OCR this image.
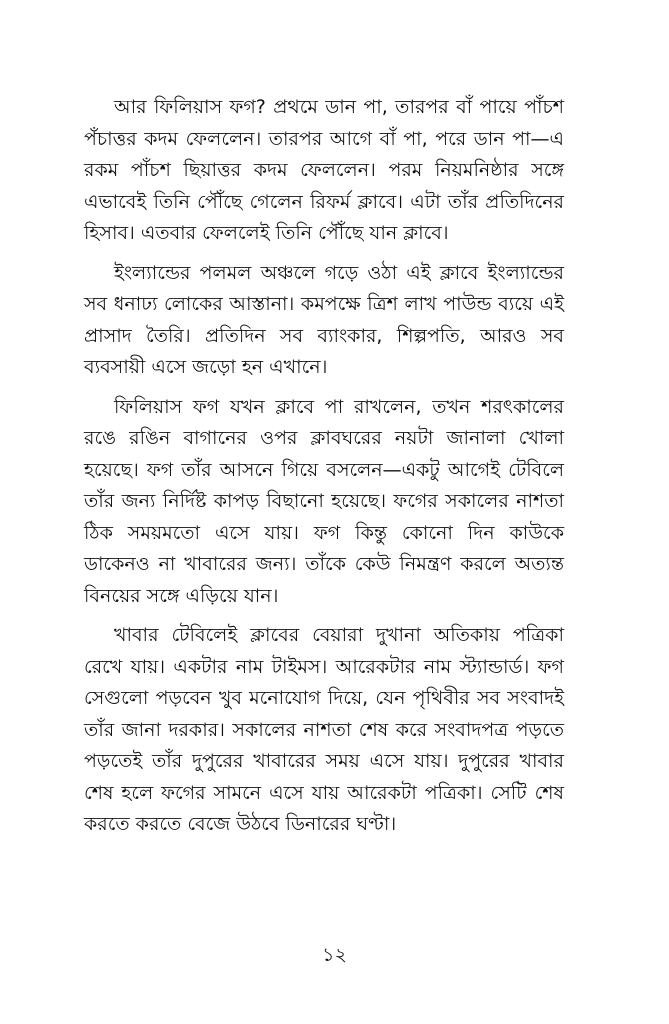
আর ফিলিয়াস ফগ? প্রথমে ডান পা, তারপর বাঁ পায়ে পাঁচশ পঁচাত্তর কদম ফেললেন। তারপর আগে বাঁ পা, পরে ডান পা—এ রকম পাঁচশ ছিয়াত্তর কদম ফেললেন। পরম নিয়মনিষ্ঠার সঙ্গে এভাবেই তিনি পৌঁছে গেলেন রিফর্ম ক্লাবে। এটা তাঁর প্রতিদিনের হিসাব। এতবার ফেললেই তিনি পৌঁছে যান ক্লাবে।

ইংল্যান্ডের পলমল অঞ্চলে গড়ে ওঠা এই ক্লাবে ইংল্যান্ডের সব ধনাঢ্য লোকের আস্তানা। কমপক্ষে ত্রিশ লাখ পাউন্ড ব্যয়ে এই প্রাসাদ তৈরি। প্রতিদিন সব ব্যাংকার, শিল্পপতি, আরও সব ব্যবসায়ী এসে জড়ো হন এখানে।

ফিলিয়াস ফগ যখন ক্লাবে পা রাখলেন, তখন শরৎকালের রঙে রঙিন বাগানের ওপর ক্লাবঘরের নয়টা জানালা খোলা হয়েছে। ফগ তাঁর আসনে গিয়ে বসলেন—একটু আগেই টেবিলে তাঁর জন্য নির্দিষ্ট কাপড় বিছানো হয়েছে। ফগের সকালের নাশতা ঠিক সময়মতো এসে যায়। ফগ কিন্তু কোনো দিন কাউকে ডাকেনও না খাবারের জন্য। তাঁকে কেউ নিমন্ত্রণ করলে অত্যন্ত বিনয়ের সঙ্গে এড়িয়ে যান।

খাবার টেবিলেই ক্লাবের বেয়ারা দুখানা অতিকায় পত্রিকা রেখে যায়। একটার নাম টাইমস। আরেকটার নাম স্ট্যান্ডার্ড। ফগ সেগুলো পড়বেন খুব মনোযোগ দিয়ে, যেন পৃথিবীর সব সংবাদই তাঁর জানা দরকার। সকালের নাশতা শেষ করে সংবাদপত্র পড়তে পড়তেই তাঁর দুপুরের খাবারের সময় এসে যায়। দুপুরের খাবার শেষ হলে ফগের সামনে এসে যায় আরেকটা পত্রিকা। সেটি শেষ করতে করতে বেজে উঠবে ডিনারের ঘণ্টা।

১২
